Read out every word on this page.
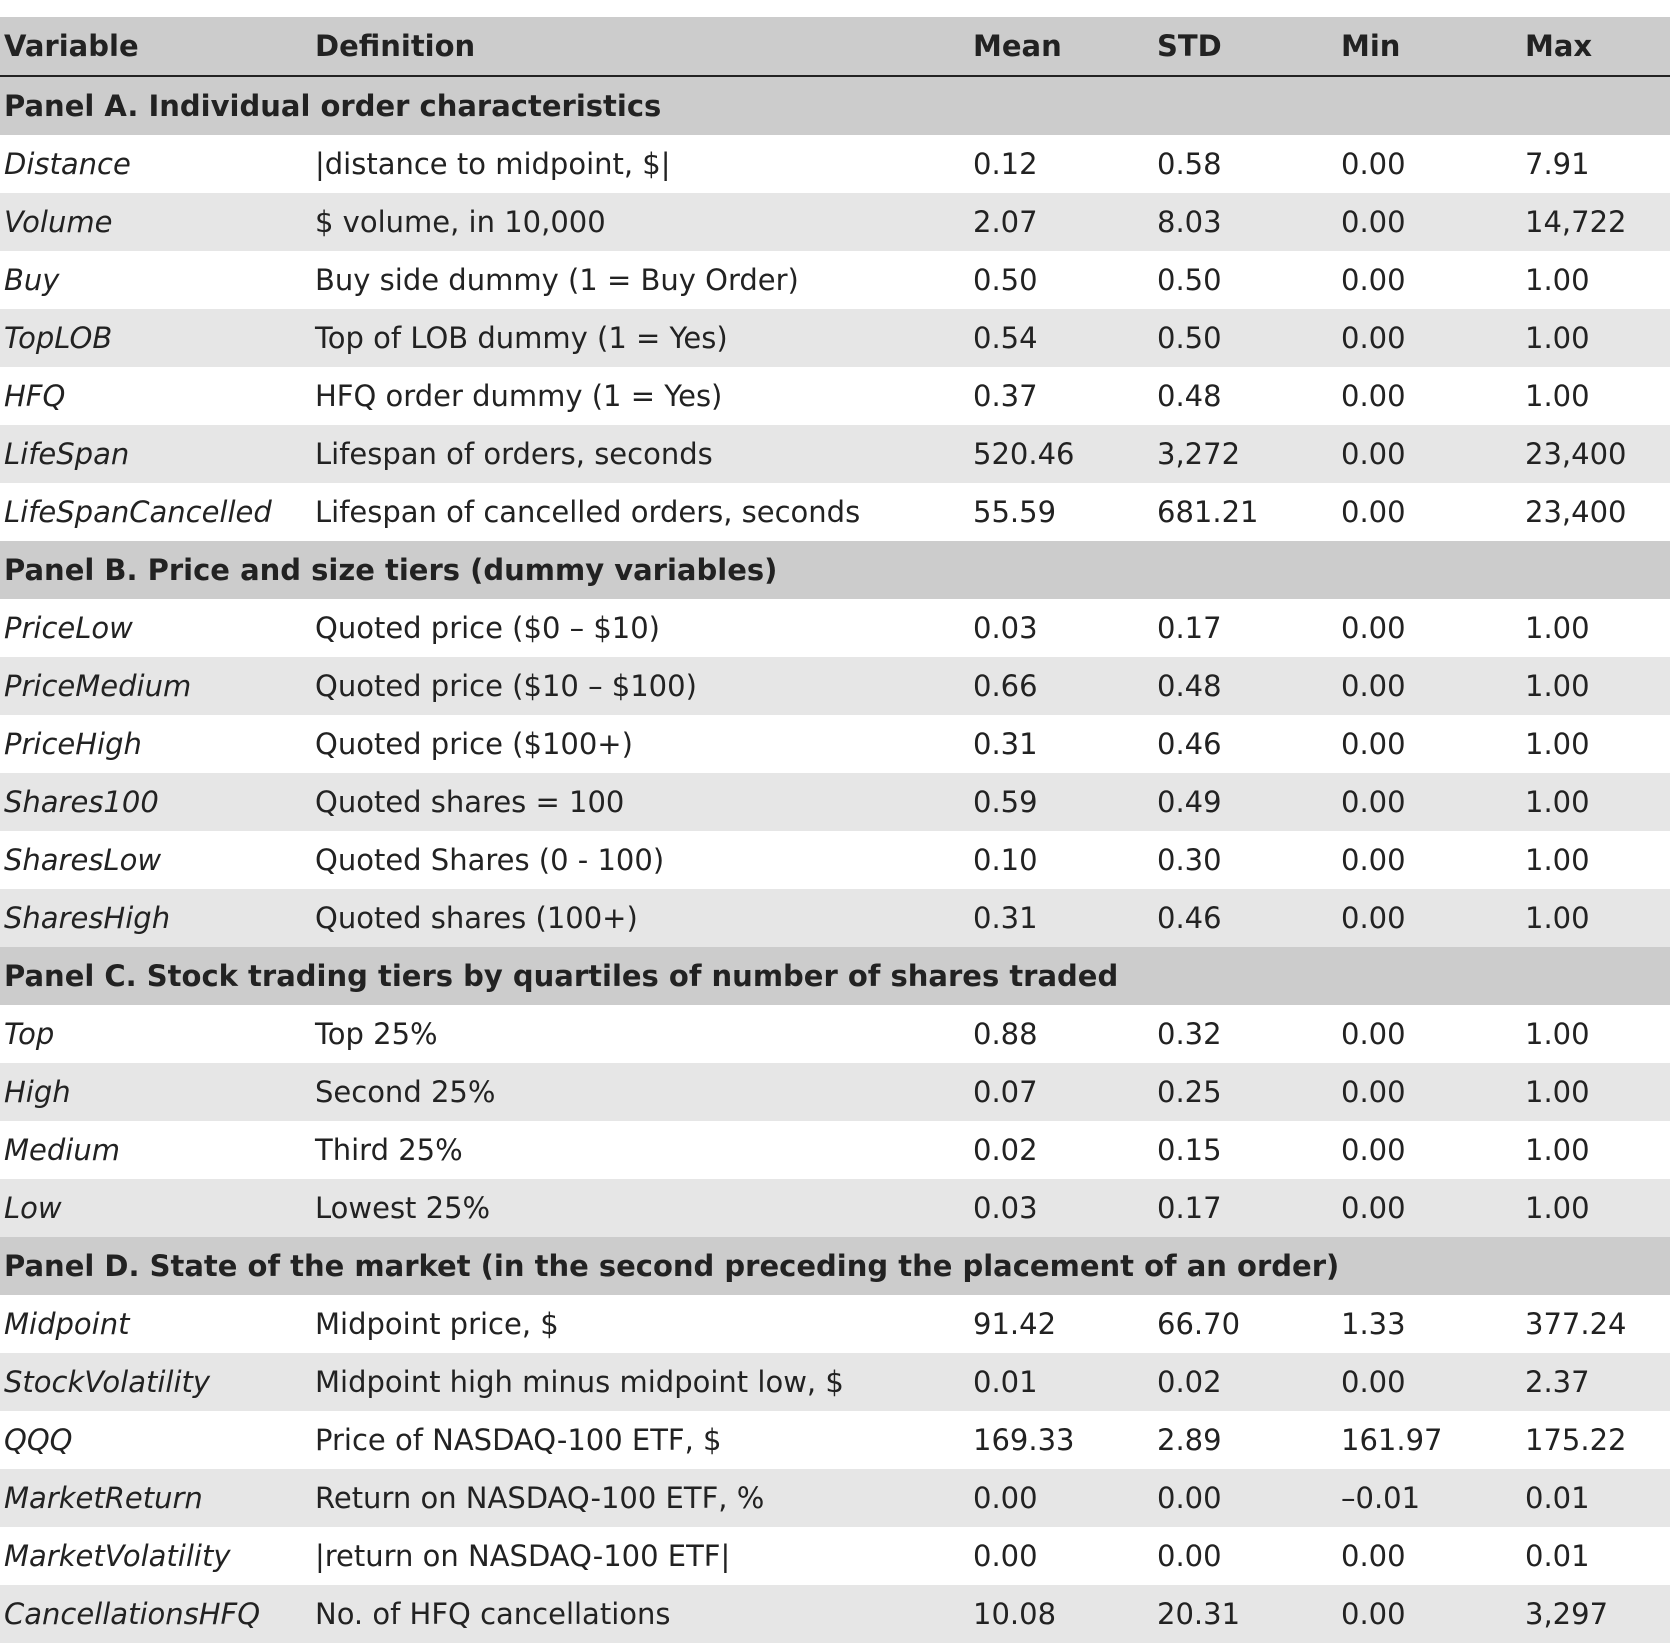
Variable	Definition	Mean	STD	Min	Max
Panel A. Individual order characteristics					
Distance	|distance to midpoint, $|	0.12	0.58	0.00	7.91
Volume	$ volume, in 10,000	2.07	8.03	0.00	14,722
Buy	Buy side dummy (1 = Buy Order)	0.50	0.50	0.00	1.00
TopLOB	Top of LOB dummy (1 = Yes)	0.54	0.50	0.00	1.00
HFQ	HFQ order dummy (1 = Yes)	0.37	0.48	0.00	1.00
LifeSpan	Lifespan of orders, seconds	520.46	3,272	0.00	23,400
LifeSpanCancelled	Lifespan of cancelled orders, seconds	55.59	681.21	0.00	23,400
Panel B. Price and size tiers (dummy variables)					
PriceLow	Quoted price ($0 – $10)	0.03	0.17	0.00	1.00
PriceMedium	Quoted price ($10 – $100)	0.66	0.48	0.00	1.00
PriceHigh	Quoted price ($100+)	0.31	0.46	0.00	1.00
Shares100	Quoted shares = 100	0.59	0.49	0.00	1.00
SharesLow	Quoted Shares (0 - 100)	0.10	0.30	0.00	1.00
SharesHigh	Quoted shares (100+)	0.31	0.46	0.00	1.00
Panel C. Stock trading tiers by quartiles of number of shares traded					
Top	Top 25%	0.88	0.32	0.00	1.00
High	Second 25%	0.07	0.25	0.00	1.00
Medium	Third 25%	0.02	0.15	0.00	1.00
Low	Lowest 25%	0.03	0.17	0.00	1.00
Panel D. State of the market (in the second preceding the placement of an order)					
Midpoint	Midpoint price, $	91.42	66.70	1.33	377.24
StockVolatility	Midpoint high minus midpoint low, $	0.01	0.02	0.00	2.37
QQQ	Price of NASDAQ-100 ETF, $	169.33	2.89	161.97	175.22
MarketReturn	Return on NASDAQ-100 ETF, %	0.00	0.00	–0.01	0.01
MarketVolatility	|return on NASDAQ-100 ETF|	0.00	0.00	0.00	0.01
CancellationsHFQ	No. of HFQ cancellations	10.08	20.31	0.00	3,297
